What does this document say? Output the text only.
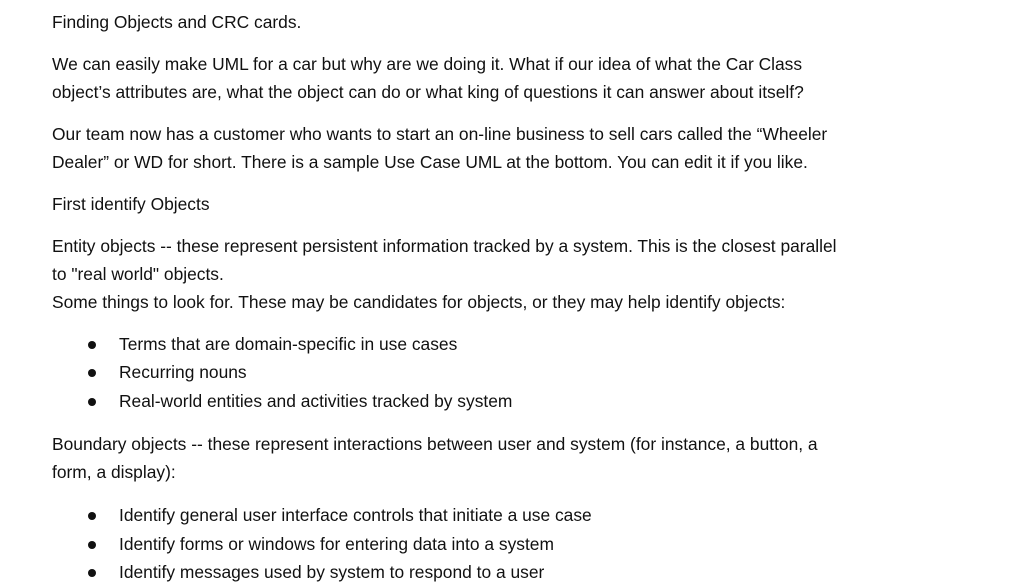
Finding Objects and CRC cards.

We can easily make UML for a car but why are we doing it. What if our idea of what the Car Class

object’s attributes are, what the object can do or what king of questions it can answer about itself?

Our team now has a customer who wants to start an on-line business to sell cars called the “Wheeler

Dealer” or WD for short. There is a sample Use Case UML at the bottom. You can edit it if you like.

First identify Objects

Entity objects -- these represent persistent information tracked by a system. This is the closest parallel

to "real world" objects.

Some things to look for. These may be candidates for objects, or they may help identify objects:

Terms that are domain-specific in use cases
Recurring nouns
Real-world entities and activities tracked by system

Boundary objects -- these represent interactions between user and system (for instance, a button, a

form, a display):

Identify general user interface controls that initiate a use case
Identify forms or windows for entering data into a system
Identify messages used by system to respond to a user
